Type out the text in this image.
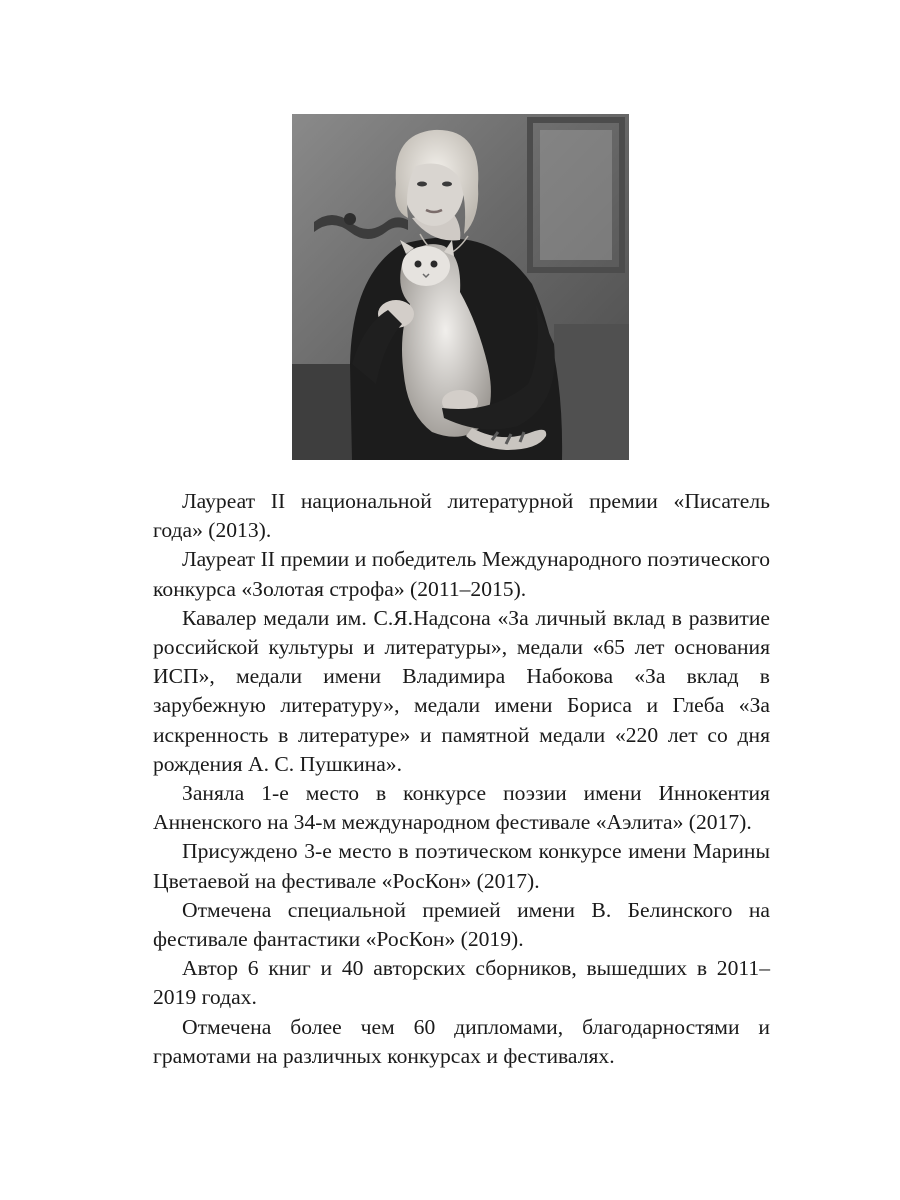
Лауреат II национальной литературной премии «Писатель года» (2013).

Лауреат II премии и победитель Международного поэтического конкурса «Золотая строфа» (2011–2015).

Кавалер медали им. С.Я.Надсона «За личный вклад в развитие российской культуры и литературы», медали «65 лет основания ИСП», медали имени Владимира Набокова «За вклад в зарубежную литературу», медали имени Бориса и Глеба «За искренность в литературе» и памятной медали «220 лет со дня рождения А. С. Пушкина».

Заняла 1-е место в конкурсе поэзии имени Иннокентия Анненского на 34-м международном фестивале «Аэлита» (2017).

Присуждено 3-е место в поэтическом конкурсе имени Марины Цветаевой на фестивале «РосКон» (2017).

Отмечена специальной премией имени В. Белинского на фестивале фантастики «РосКон» (2019).

Автор 6 книг и 40 авторских сборников, вышедших в 2011–2019 годах.

Отмечена более чем 60 дипломами, благодарностями и грамотами на различных конкурсах и фестивалях.
